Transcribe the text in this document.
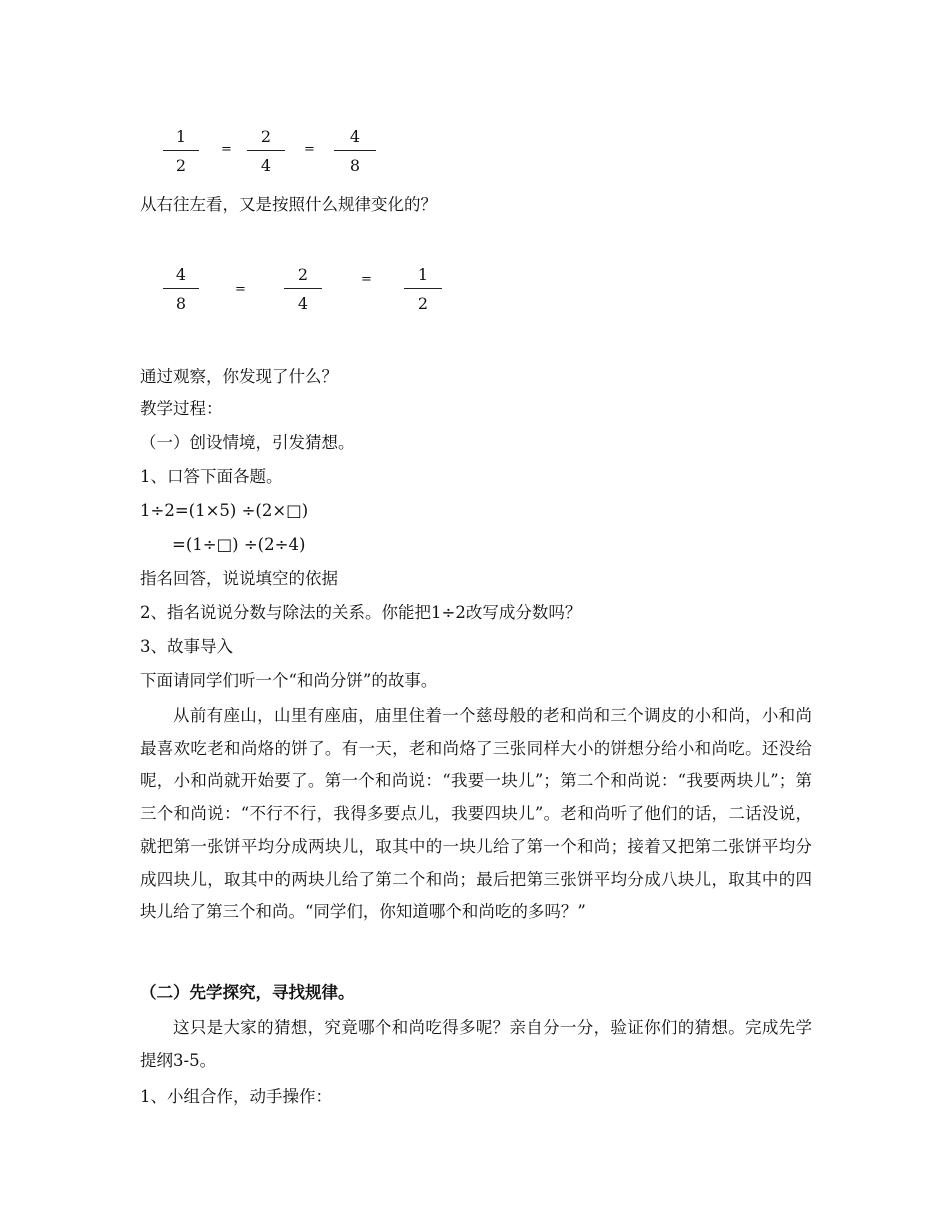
1
2
=
2
4
=
4
8
从右往左看，又是按照什么规律变化的？
4
8
=
2
4
=	1
2
通过观察，你发现了什么？
教学过程：
（一）创设情境，引发猜想。
1、口答下面各题。
1÷2=(1×5) ÷(2×□)
=(1÷□) ÷(2÷4)
指名回答，说说填空的依据
2、指名说说分数与除法的关系。你能把1÷2改写成分数吗？
3、故事导入
下面请同学们听一个“和尚分饼”的故事。

从前有座山，山里有座庙，庙里住着一个慈母般的老和尚和三个调皮的小和尚，小和尚最喜欢吃老和尚烙的饼了。有一天，老和尚烙了三张同样大小的饼想分给小和尚吃。还没给呢，小和尚就开始要了。第一个和尚说：“我要一块儿”；第二个和尚说：“我要两块儿”；第三个和尚说：“不行不行，我得多要点儿，我要四块儿”。老和尚听了他们的话，二话没说，就把第一张饼平均分成两块儿，取其中的一块儿给了第一个和尚；接着又把第二张饼平均分成四块儿，取其中的两块儿给了第二个和尚；最后把第三张饼平均分成八块儿，取其中的四块儿给了第三个和尚。“同学们，你知道哪个和尚吃的多吗？”

（二）先学探究，寻找规律。

这只是大家的猜想，究竟哪个和尚吃得多呢？亲自分一分，验证你们的猜想。完成先学提纲3-5。

1、小组合作，动手操作：
